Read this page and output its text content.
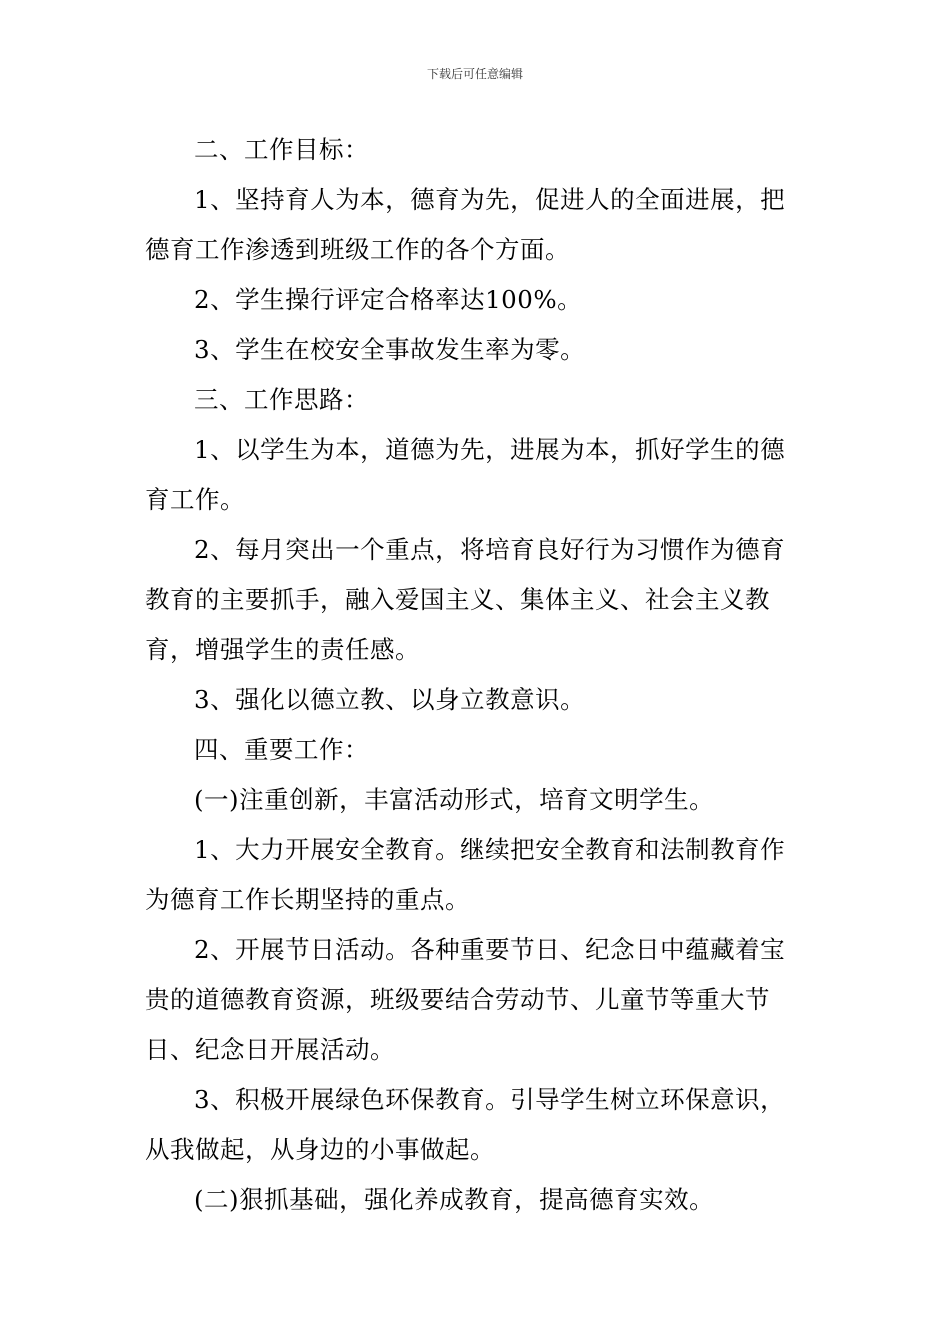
下载后可任意编辑

二、工作目标：

1、坚持育人为本，德育为先，促进人的全面进展，把德育工作渗透到班级工作的各个方面。

2、学生操行评定合格率达100%。

3、学生在校安全事故发生率为零。

三、工作思路：

1、以学生为本，道德为先，进展为本，抓好学生的德育工作。

2、每月突出一个重点，将培育良好行为习惯作为德育教育的主要抓手，融入爱国主义、集体主义、社会主义教育，增强学生的责任感。

3、强化以德立教、以身立教意识。

四、重要工作：

(一)注重创新，丰富活动形式，培育文明学生。

1、大力开展安全教育。继续把安全教育和法制教育作为德育工作长期坚持的重点。

2、开展节日活动。各种重要节日、纪念日中蕴藏着宝贵的道德教育资源，班级要结合劳动节、儿童节等重大节日、纪念日开展活动。

3、积极开展绿色环保教育。引导学生树立环保意识，从我做起，从身边的小事做起。

(二)狠抓基础，强化养成教育，提高德育实效。
